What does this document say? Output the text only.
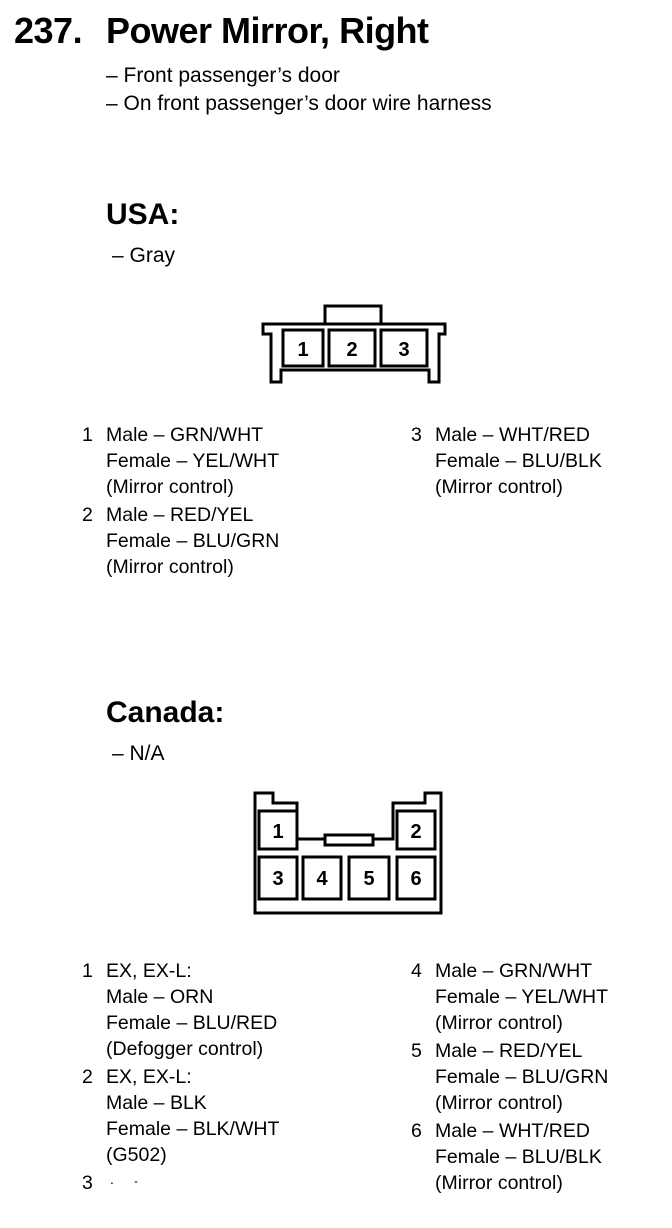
237. Power Mirror, Right
– Front passenger’s door
– On front passenger’s door wire harness
USA:
– Gray
1 2 3
1 Male – GRN/WHT
Female – YEL/WHT
(Mirror control)
2 Male – RED/YEL
Female – BLU/GRN
(Mirror control)
3 Male – WHT/RED
Female – BLU/BLK
(Mirror control)
Canada:
– N/A
1	2
3 4 5 6
1 EX, EX-L:
Male – ORN
Female – BLU/RED
(Defogger control)
2 EX, EX-L:
Male – BLK
Female – BLK/WHT
(G502)
3	. -
4 Male – GRN/WHT
Female – YEL/WHT
(Mirror control)
5 Male – RED/YEL
Female – BLU/GRN
(Mirror control)
6 Male – WHT/RED
Female – BLU/BLK
(Mirror control)
